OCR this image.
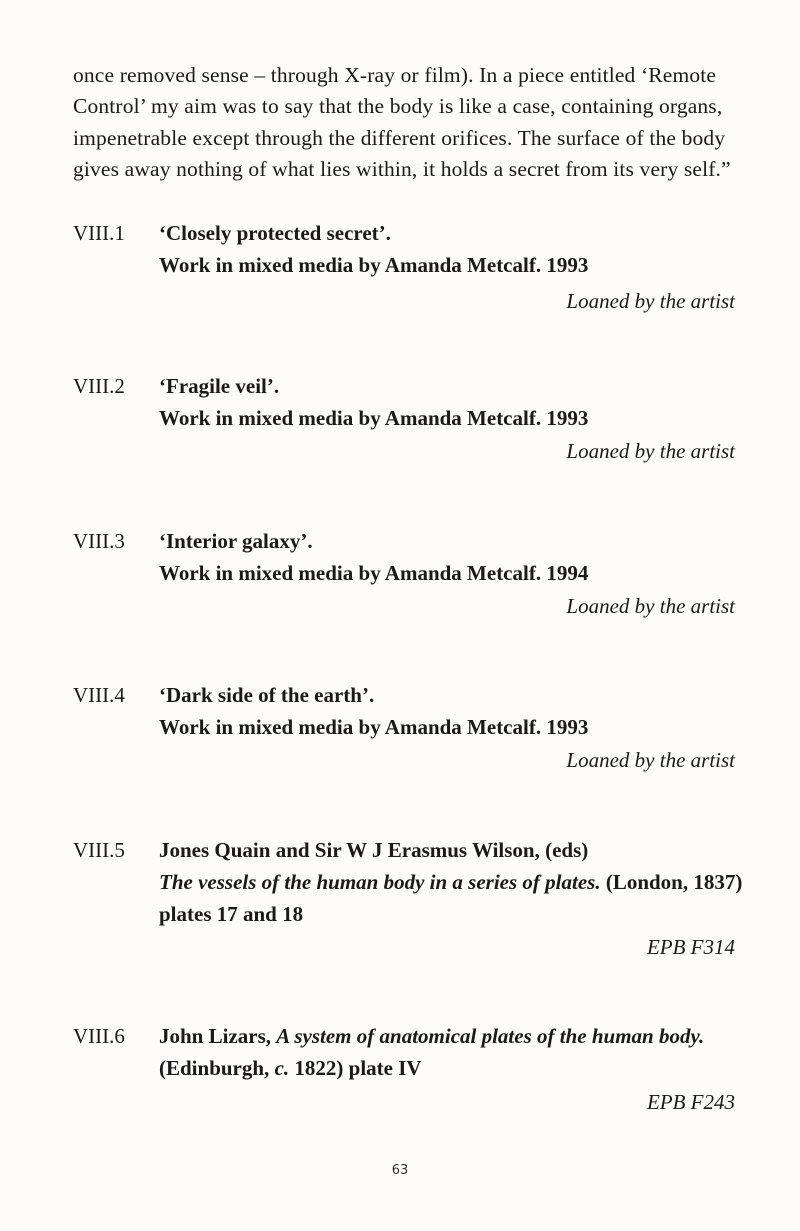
once removed sense – through X-ray or film). In a piece entitled ‘Remote Control’ my aim was to say that the body is like a case, containing organs, impenetrable except through the different orifices. The surface of the body gives away nothing of what lies within, it holds a secret from its very self.”

VIII.1 ‘Closely protected secret’.
Work in mixed media by Amanda Metcalf. 1993
Loaned by the artist
VIII.2 ‘Fragile veil’.
Work in mixed media by Amanda Metcalf. 1993
Loaned by the artist
VIII.3 ‘Interior galaxy’.
Work in mixed media by Amanda Metcalf. 1994
Loaned by the artist
VIII.4 ‘Dark side of the earth’.
Work in mixed media by Amanda Metcalf. 1993
Loaned by the artist
VIII.5 Jones Quain and Sir W J Erasmus Wilson, (eds)
The vessels of the human body in a series of plates. (London, 1837)
plates 17 and 18
EPB F314
VIII.6 John Lizars, A system of anatomical plates of the human body.
(Edinburgh, c. 1822) plate IV
EPB F243
63
